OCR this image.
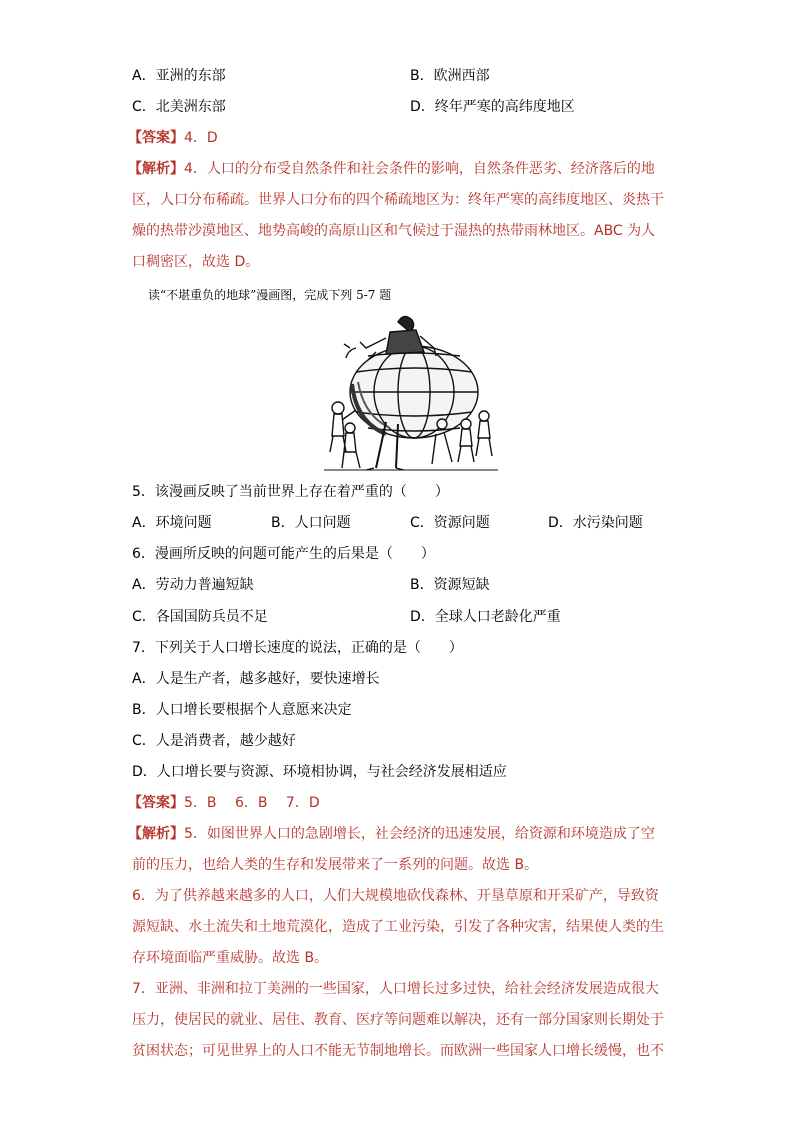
A．亚洲的东部	B．欧洲西部
C．北美洲东部	D．终年严寒的高纬度地区
【答案】4．D
【解析】4．人口的分布受自然条件和社会条件的影响，自然条件恶劣、经济落后的地
区，人口分布稀疏。世界人口分布的四个稀疏地区为：终年严寒的高纬度地区、炎热干
燥的热带沙漠地区、地势高峻的高原山区和气候过于湿热的热带雨林地区。ABC 为人
口稠密区，故选 D。
读“不堪重负的地球”漫画图，完成下列 5-7 题
5．该漫画反映了当前世界上存在着严重的（　　）
A．环境问题	B．人口问题	C．资源问题	D．水污染问题
6．漫画所反映的问题可能产生的后果是（　　）
A．劳动力普遍短缺	B．资源短缺
C．各国国防兵员不足	D．全球人口老龄化严重
7．下列关于人口增长速度的说法，正确的是（　　）
A．人是生产者，越多越好，要快速增长
B．人口增长要根据个人意愿来决定
C．人是消费者，越少越好
D．人口增长要与资源、环境相协调，与社会经济发展相适应
【答案】5．B　 6．B　 7．D
【解析】5．如图世界人口的急剧增长，社会经济的迅速发展，给资源和环境造成了空
前的压力，也给人类的生存和发展带来了一系列的问题。故选 B。
6．为了供养越来越多的人口，人们大规模地砍伐森林、开垦草原和开采矿产，导致资
源短缺、水土流失和土地荒漠化，造成了工业污染，引发了各种灾害，结果使人类的生
存环境面临严重威胁。故选 B。
7．亚洲、非洲和拉丁美洲的一些国家，人口增长过多过快，给社会经济发展造成很大
压力，使居民的就业、居住、教育、医疗等问题难以解决，还有一部分国家则长期处于
贫困状态；可见世界上的人口不能无节制地增长。而欧洲一些国家人口增长缓慢，也不
